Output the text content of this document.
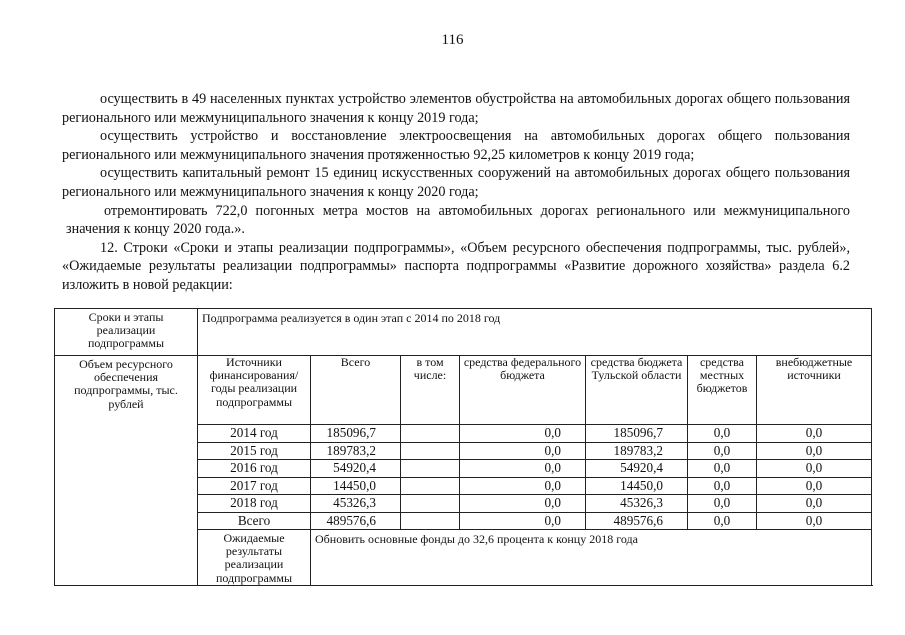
116

осуществить в 49 населенных пунктах устройство элементов обустройства на автомобильных дорогах общего пользования регионального или межмуниципального значения к концу 2019 года;

осуществить устройство и восстановление электроосвещения на автомобильных дорогах общего пользования регионального или межмуниципального значения протяженностью 92,25 километров к концу 2019 года;

осуществить капитальный ремонт 15 единиц искусственных сооружений на автомобильных дорогах общего пользования регионального или межмуниципального значения к концу 2020 года;

отремонтировать 722,0 погонных метра мостов на автомобильных дорогах регионального или межмуниципального значения к концу 2020 года.».

12. Строки «Сроки и этапы реализации подпрограммы», «Объем ресурсного обеспечения подпрограммы, тыс. рублей», «Ожидаемые результаты реализации подпрограммы» паспорта подпрограммы «Развитие дорожного хозяйства» раздела 6.2 изложить в новой редакции:

Сроки и этапы реализации подпрограммы	Подпрограмма реализуется в один этап с 2014 по 2018 год						
Объем ресурсного обеспечения подпрограммы, тыс. рублей	Источники финансирования/ годы реализации подпрограммы	Всего	в том числе:	средства федерального бюджета	средства бюджета Тульской области	средства местных бюджетов	внебюджетные источники
	2014 год	185096,7		0,0	185096,7	0,0	0,0
	2015 год	189783,2		0,0	189783,2	0,0	0,0
	2016 год	54920,4		0,0	54920,4	0,0	0,0
	2017 год	14450,0		0,0	14450,0	0,0	0,0
	2018 год	45326,3		0,0	45326,3	0,0	0,0
	Всего	489576,6		0,0	489576,6	0,0	0,0
	Ожидаемые результаты реализации подпрограммы	Обновить основные фонды до 32,6 процента к концу 2018 года					
